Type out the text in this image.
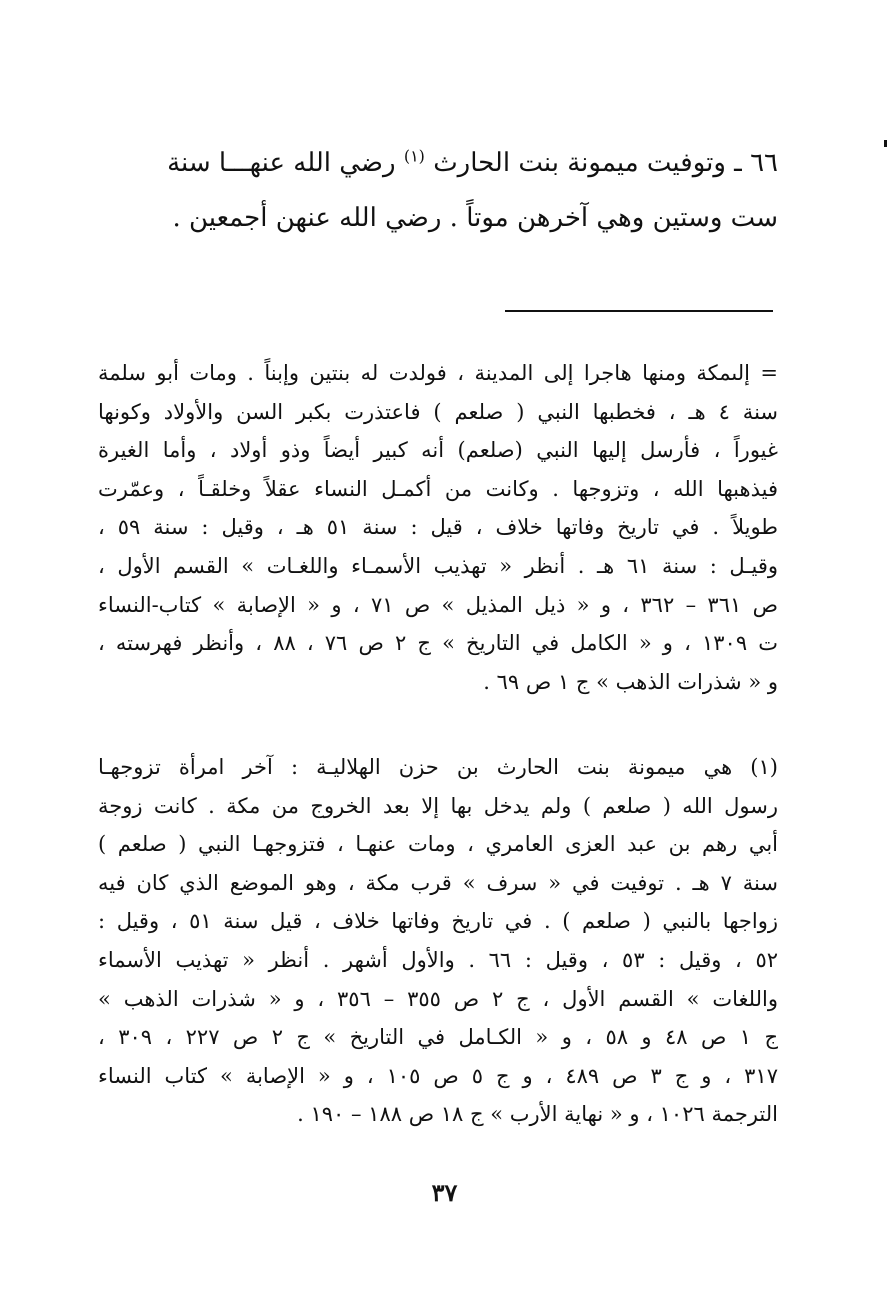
٦٦ ـ وتوفيت ميمونة بنت الحارث $^{(١)}$ رضي الله عنهـــا سنة
ست وستين وهي آخرهن موتاً . رضي الله عنهن أجمعين .
= إلىمكة ومنها هاجرا إلى المدينة ، فولدت له بنتين وإبناً . ومات أبو سلمة
سنة ٤ هـ ، فخطبها النبي ( صلعم ) فاعتذرت بكبر السن والأولاد وكونها
غيوراً ، فأرسل إليها النبي (صلعم) أنه كبير أيضاً وذو أولاد ، وأما الغيرة
فيذهبها الله ، وتزوجها . وكانت من أكمـل النساء عقلاً وخلقـاً ، وعمّرت
طويلاً . في تاريخ وفاتها خلاف ، قيل : سنة ٥١ هـ ، وقيل : سنة ٥٩ ،
وقيـل : سنة ٦١ هـ . أنظر « تهذيب الأسمـاء واللغـات » القسم الأول ،
ص ٣٦١ – ٣٦٢ ، و « ذيل المذيل » ص ٧١ ، و « الإصابة » كتاب-النساء
ت ١٣٠٩ ، و « الكامل في التاريخ » ج ٢ ص ٧٦ ، ٨٨ ، وأنظر فهرسته ،
و « شذرات الذهب » ج ١ ص ٦٩ .
(١) هي ميمونة بنت الحارث بن حزن الهلاليـة : آخر امرأة تزوجهـا
رسول الله ( صلعم ) ولم يدخل بها إلا بعد الخروج من مكة . كانت زوجة
أبي رهم بن عبد العزى العامري ، ومات عنهـا ، فتزوجهـا النبي ( صلعم )
سنة ٧ هـ . توفيت في « سرف » قرب مكة ، وهو الموضع الذي كان فيه
زواجها بالنبي ( صلعم ) . في تاريخ وفاتها خلاف ، قيل سنة ٥١ ، وقيل :
٥٢ ، وقيل : ٥٣ ، وقيل : ٦٦ . والأول أشهر . أنظر « تهذيب الأسماء
واللغات » القسم الأول ، ج ٢ ص ٣٥٥ – ٣٥٦ ، و « شذرات الذهب »
ج ١ ص ٤٨ و ٥٨ ، و « الكـامل في التاريخ » ج ٢ ص ٢٢٧ ، ٣٠٩ ،
٣١٧ ، و ج ٣ ص ٤٨٩ ، و ج ٥ ص ١٠٥ ، و « الإصابة » كتاب النساء
الترجمة ١٠٢٦ ، و « نهاية الأرب » ج ١٨ ص ١٨٨ – ١٩٠ .
٣٧
